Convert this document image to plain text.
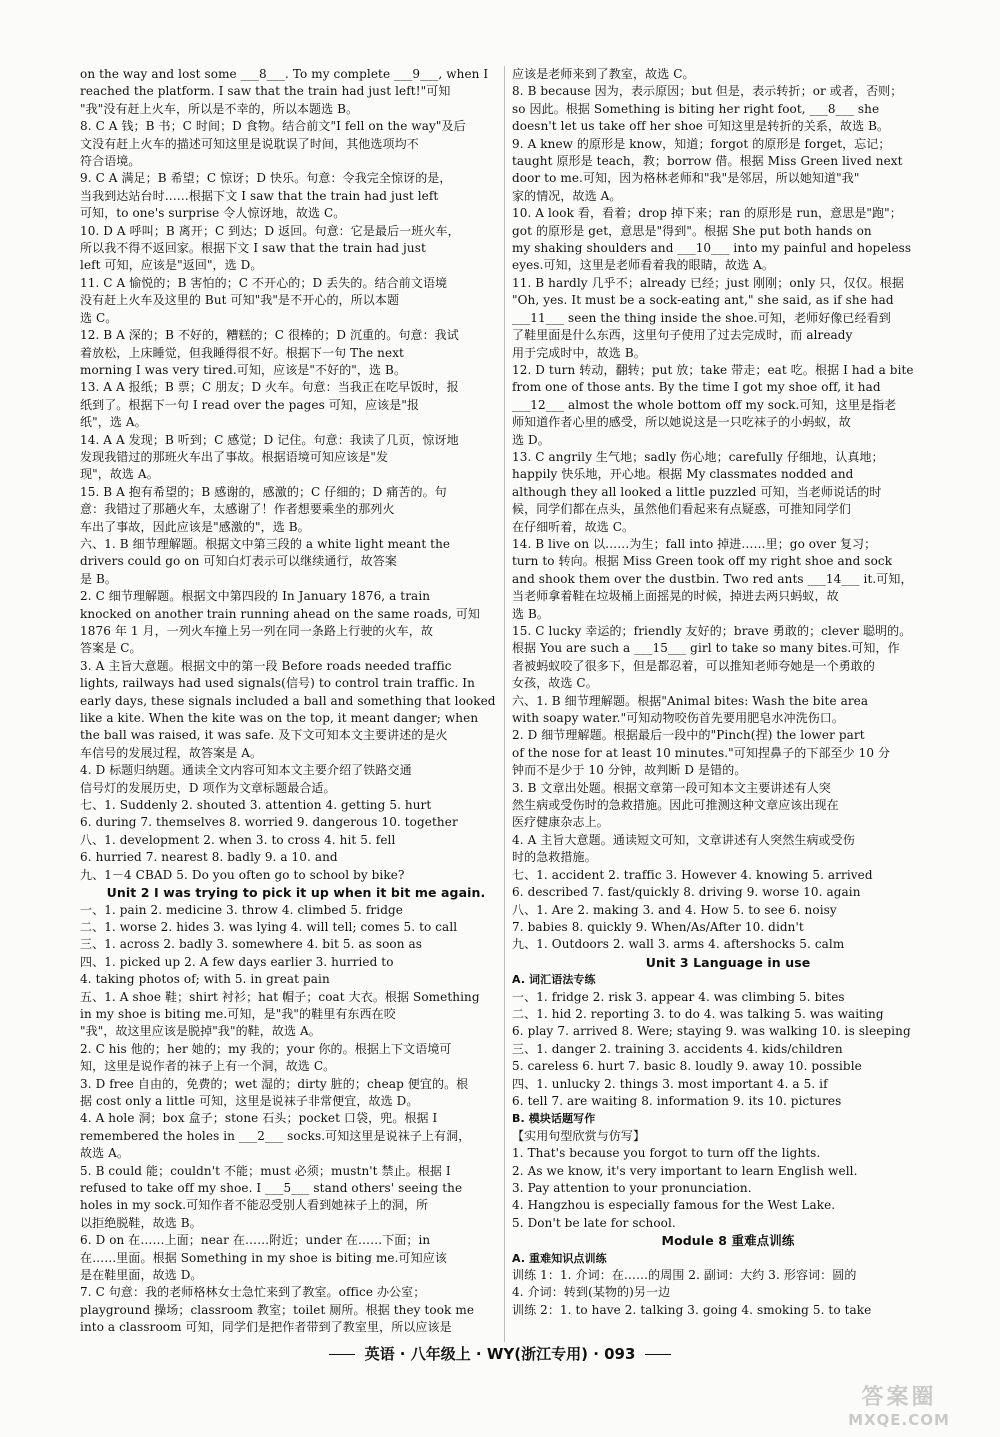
on the way and lost some ___8___. To my complete ___9___, when I
reached the platform. I saw that the train had just left!"可知
"我"没有赶上火车，所以是不幸的，所以本题选 B。
8. C A 钱；B 书；C 时间；D 食物。结合前文"I fell on the way"及后
文没有赶上火车的描述可知这里是说耽误了时间，其他选项均不
符合语境。
9. C A 满足；B 希望；C 惊讶；D 快乐。句意：令我完全惊讶的是，
当我到达站台时……根据下文 I saw that the train had just left
可知，to one's surprise 令人惊讶地，故选 C。
10. D A 呼叫；B 离开；C 到达；D 返回。句意：它是最后一班火车，
所以我不得不返回家。根据下文 I saw that the train had just
left 可知，应该是"返回"，选 D。
11. C A 愉悦的；B 害怕的；C 不开心的；D 丢失的。结合前文语境
没有赶上火车及这里的 But 可知"我"是不开心的，所以本题
选 C。
12. B A 深的；B 不好的，糟糕的；C 很棒的；D 沉重的。句意：我试
着放松，上床睡觉，但我睡得很不好。根据下一句 The next
morning I was very tired.可知，应该是"不好的"，选 B。
13. A A 报纸；B 票；C 朋友；D 火车。句意：当我正在吃早饭时，报
纸到了。根据下一句 I read over the pages 可知，应该是"报
纸"，选 A。
14. A A 发现；B 听到；C 感觉；D 记住。句意：我读了几页，惊讶地
发现我错过的那班火车出了事故。根据语境可知应该是"发
现"，故选 A。
15. B A 抱有希望的；B 感谢的，感激的；C 仔细的；D 痛苦的。句
意：我错过了那趟火车，太感谢了！作者想要乘坐的那列火
车出了事故，因此应该是"感激的"，选 B。
六、1. B 细节理解题。根据文中第三段的 a white light meant the
drivers could go on 可知白灯表示可以继续通行，故答案
是 B。
2. C 细节理解题。根据文中第四段的 In January 1876, a train
knocked on another train running ahead on the same roads, 可知
1876 年 1 月，一列火车撞上另一列在同一条路上行驶的火车，故
答案是 C。
3. A 主旨大意题。根据文中的第一段 Before roads needed traffic
lights, railways had used signals(信号) to control train traffic. In
early days, these signals included a ball and something that looked
like a kite. When the kite was on the top, it meant danger; when
the ball was raised, it was safe. 及下文可知本文主要讲述的是火
车信号的发展过程，故答案是 A。
4. D 标题归纳题。通读全文内容可知本文主要介绍了铁路交通
信号灯的发展历史，D 项作为文章标题最合适。
七、1. Suddenly 2. shouted 3. attention 4. getting 5. hurt
6. during 7. themselves 8. worried 9. dangerous 10. together
八、1. development 2. when 3. to cross 4. hit 5. fell
6. hurried 7. nearest 8. badly 9. a 10. and
九、1－4 CBAD 5. Do you often go to school by bike?
Unit 2 I was trying to pick it up when it bit me again.
一、1. pain 2. medicine 3. throw 4. climbed 5. fridge
二、1. worse 2. hides 3. was lying 4. will tell; comes 5. to call
三、1. across 2. badly 3. somewhere 4. bit 5. as soon as
四、1. picked up 2. A few days earlier 3. hurried to
4. taking photos of; with 5. in great pain
五、1. A shoe 鞋；shirt 衬衫；hat 帽子；coat 大衣。根据 Something
in my shoe is biting me.可知，是"我"的鞋里有东西在咬
"我"，故这里应该是脱掉"我"的鞋，故选 A。
2. C his 他的；her 她的；my 我的；your 你的。根据上下文语境可
知，这里是说作者的袜子上有一个洞，故选 C。
3. D free 自由的，免费的；wet 湿的；dirty 脏的；cheap 便宜的。根
据 cost only a little 可知，这里是说袜子非常便宜，故选 D。
4. A hole 洞；box 盒子；stone 石头；pocket 口袋，兜。根据 I
remembered the holes in ___2___ socks.可知这里是说袜子上有洞，
故选 A。
5. B could 能；couldn't 不能；must 必须；mustn't 禁止。根据 I
refused to take off my shoe. I ___5___ stand others' seeing the
holes in my sock.可知作者不能忍受别人看到她袜子上的洞，所
以拒绝脱鞋，故选 B。
6. D on 在……上面；near 在……附近；under 在……下面；in
在……里面。根据 Something in my shoe is biting me.可知应该
是在鞋里面，故选 D。
7. C 句意：我的老师格林女士急忙来到了教室。office 办公室；
playground 操场；classroom 教室；toilet 厕所。根据 they took me
into a classroom 可知，同学们是把作者带到了教室里，所以应该是
应该是老师来到了教室，故选 C。
8. B because 因为，表示原因；but 但是，表示转折；or 或者，否则；
so 因此。根据 Something is biting her right foot, ___8___ she
doesn't let us take off her shoe 可知这里是转折的关系，故选 B。
9. A knew 的原形是 know，知道；forgot 的原形是 forget，忘记；
taught 原形是 teach，教；borrow 借。根据 Miss Green lived next
door to me.可知，因为格林老师和"我"是邻居，所以她知道"我"
家的情况，故选 A。
10. A look 看，看着；drop 掉下来；ran 的原形是 run，意思是"跑"；
got 的原形是 get，意思是"得到"。根据 She put both hands on
my shaking shoulders and ___10___ into my painful and hopeless
eyes.可知，这里是老师看着我的眼睛，故选 A。
11. B hardly 几乎不；already 已经；just 刚刚；only 只，仅仅。根据
"Oh, yes. It must be a sock-eating ant," she said, as if she had
___11___ seen the thing inside the shoe.可知，老师好像已经看到
了鞋里面是什么东西，这里句子使用了过去完成时，而 already
用于完成时中，故选 B。
12. D turn 转动，翻转；put 放；take 带走；eat 吃。根据 I had a bite
from one of those ants. By the time I got my shoe off, it had
___12___ almost the whole bottom off my sock.可知，这里是指老
师知道作者心里的感受，所以她说这是一只吃袜子的小蚂蚁，故
选 D。
13. C angrily 生气地；sadly 伤心地；carefully 仔细地，认真地；
happily 快乐地，开心地。根据 My classmates nodded and
although they all looked a little puzzled 可知，当老师说话的时
候，同学们都在点头，虽然他们看起来有点疑惑，可推知同学们
在仔细听着，故选 C。
14. B live on 以……为生；fall into 掉进……里；go over 复习；
turn to 转向。根据 Miss Green took off my right shoe and sock
and shook them over the dustbin. Two red ants ___14___ it.可知，
当老师拿着鞋在垃圾桶上面摇晃的时候，掉进去两只蚂蚁，故
选 B。
15. C lucky 幸运的；friendly 友好的；brave 勇敢的；clever 聪明的。
根据 You are such a ___15___ girl to take so many bites.可知，作
者被蚂蚁咬了很多下，但是都忍着，可以推知老师夸她是一个勇敢的
女孩，故选 C。
六、1. B 细节理解题。根据"Animal bites: Wash the bite area
with soapy water."可知动物咬伤首先要用肥皂水冲洗伤口。
2. D 细节理解题。根据最后一段中的"Pinch(捏) the lower part
of the nose for at least 10 minutes."可知捏鼻子的下部至少 10 分
钟而不是少于 10 分钟，故判断 D 是错的。
3. B 文章出处题。根据文章第一段可知本文主要讲述有人突
然生病或受伤时的急救措施。因此可推测这种文章应该出现在
医疗健康杂志上。
4. A 主旨大意题。通读短文可知，文章讲述有人突然生病或受伤
时的急救措施。
七、1. accident 2. traffic 3. However 4. knowing 5. arrived
6. described 7. fast/quickly 8. driving 9. worse 10. again
八、1. Are 2. making 3. and 4. How 5. to see 6. noisy
7. babies 8. quickly 9. When/As/After 10. didn't
九、1. Outdoors 2. wall 3. arms 4. aftershocks 5. calm
Unit 3 Language in use
A. 词汇语法专练
一、1. fridge 2. risk 3. appear 4. was climbing 5. bites
二、1. hid 2. reporting 3. to do 4. was talking 5. was waiting
6. play 7. arrived 8. Were; staying 9. was walking 10. is sleeping
三、1. danger 2. training 3. accidents 4. kids/children
5. careless 6. hurt 7. basic 8. loudly 9. away 10. possible
四、1. unlucky 2. things 3. most important 4. a 5. if
6. tell 7. are waiting 8. information 9. its 10. pictures
B. 模块话题写作
【实用句型欣赏与仿写】
1. That's because you forgot to turn off the lights.
2. As we know, it's very important to learn English well.
3. Pay attention to your pronunciation.
4. Hangzhou is especially famous for the West Lake.
5. Don't be late for school.
Module 8 重难点训练
A. 重难知识点训练
训练 1：1. 介词：在……的周围 2. 副词：大约 3. 形容词：圆的
4. 介词：转到(某物的)另一边
训练 2：1. to have 2. talking 3. going 4. smoking 5. to take
英语 · 八年级上 · WY(浙江专用) · 093
答案圈
MXQE.COM
